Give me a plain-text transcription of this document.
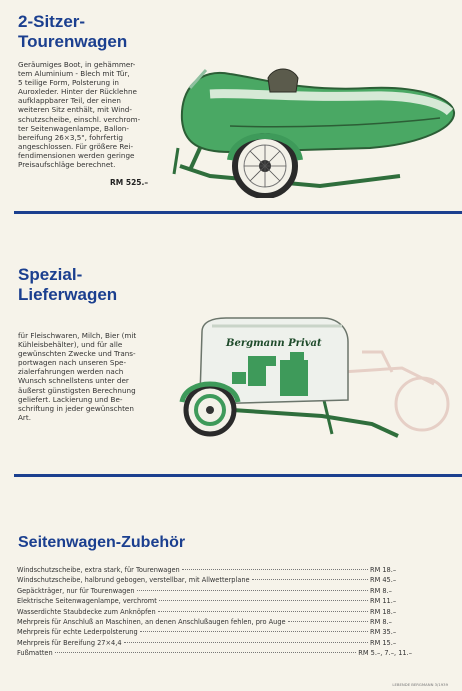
2-Sitzer-
Tourenwagen
Geräumiges Boot, in gehämmer-
tem Aluminium - Blech mit Tür,
5 teilige Form, Polsterung in
Auroxleder. Hinter der Rücklehne
aufklappbarer Teil, der einen
weiteren Sitz enthält, mit Wind-
schutzscheibe, einschl. verchrom-
ter Seitenwagenlampe, Ballon-
bereifung 26×3,5", fohrfertig
angeschlossen. Für größere Rei-
fendimensionen werden geringe
Preisaufschläge berechnet.
RM 525.–
Spezial-
Lieferwagen
für Fleischwaren, Milch, Bier (mit
Kühleisbehälter), und für alle
gewünschten Zwecke und Trans-
portwagen nach unseren Spe-
zialerfahrungen werden nach
Wunsch schnellstens unter der
äußerst günstigsten Berechnung
geliefert. Lackierung und Be-
schriftung in jeder gewünschten
Art.
Bergmann Privat
Seitenwagen-Zubehör
Windschutzscheibe, extra stark, für Tourenwagen	RM 18.–
Windschutzscheibe, halbrund gebogen, verstellbar, mit Allwetterplane	RM 45.–
Gepäckträger, nur für Tourenwagen	RM 8.–
Elektrische Seitenwagenlampe, verchromt	RM 11.–
Wasserdichte Staubdecke zum Anknöpfen	RM 18.–
Mehrpreis für Anschluß an Maschinen, an denen Anschlußaugen fehlen, pro Auge	RM 8.–
Mehrpreis für echte Lederpolsterung	RM 35.–
Mehrpreis für Bereifung 27×4,4	RM 15.–
Fußmatten	RM 5.–, 7.–, 11.–
LEBENDE BERGMANN 3/1939
